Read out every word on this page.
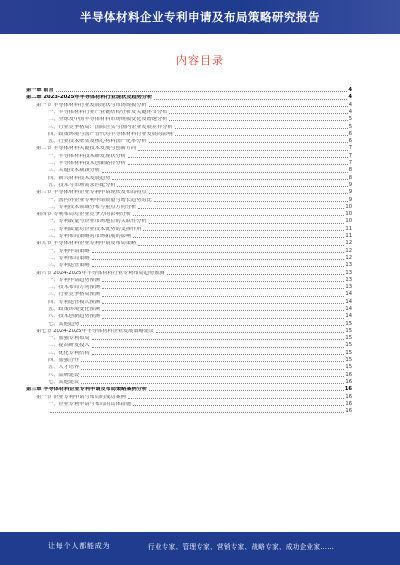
半导体材料企业专利申请及布局策略研究报告
内容目录
第一章 前言	4
第二章 2023-2025年半导体材料行业现状及趋势分析	4
第一节 半导体材料行业发展现状与市场规模分析	4
一、半导体材料行业产业链结构分析及关键环节分布	4
二、全球及中国半导体材料市场规模变化及增速分析	5
三、行业竞争格局：国际巨头与国内企业发展差异分析	5
四、政策环境与国产替代对半导体材料行业发展的影响	6
五、行业技术壁垒及核心材料国产化率分析	6
第二节 半导体材料关键技术发展与创新方向	7
一、半导体材料技术研发现状分析	7
二、半导体材料技术创新路径分析	7
三、关键技术瓶颈分析	8
四、新兴材料技术发展趋势	8
五、技术与市场需求匹配分析	9
第三节 半导体材料企业专利申请现状及布局特点	9
一、国内外企业专利申请数量与增长趋势对比	9
二、专利技术领域分布与重点方向分析	10
第四节 专利布局对企业竞争力的影响分析	10
一、专利数量与企业市场地位的关联性分析	10
二、专利质量对企业技术优势的支撑作用	11
三、专利布局策略对市场拓展的影响	11
第五节 半导体材料企业专利申请及布局策略	12
一、专利申请策略	12
二、专利布局策略	12
三、专利运营策略	13
第六节 2024-2025年半导体材料行业专利布局趋势预测	13
一、专利申请趋势预测	13
二、技术布局方向预测	13
三、行业竞争格局预测	14
四、专利运营模式预测	14
五、政策环境变化预测	14
六、技术创新趋势预测	14
七、其他趋势	15
第七节 2024-2025年半导体材料企业发展策略建议	15
一、加强专利布局	15
二、提高研发投入	15
三、优化专利结构	15
四、加强合作	15
五、人才培养	15
六、品牌建设	16
七、其他建议	16
第三章 半导体材料企业专利申请及布局策略案例分析	16
第一节 企业专利申请与布局的成功案例	16
一、企业专利申请与布局的具体措施	16
16
让每个人都能成为	行业专家、管理专家、营销专家、战略专家、成功企业家……
